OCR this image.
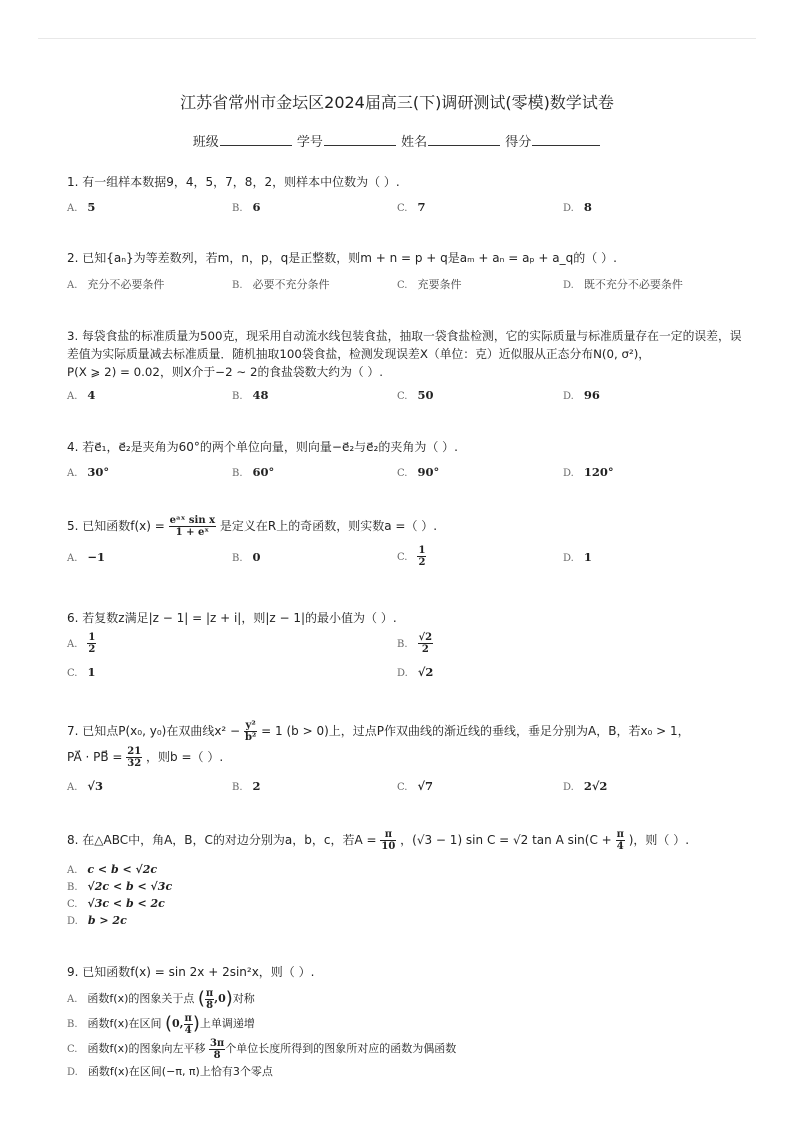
江苏省常州市金坛区2024届高三(下)调研测试(零模)数学试卷
班级	学号	姓名	得分
1. 有一组样本数据9，4，5，7，8，2，则样本中位数为（ ）.
A. 5	B. 6	C. 7	D. 8
2. 已知{aₙ}为等差数列，若m，n，p，q是正整数，则m + n = p + q是aₘ + aₙ = aₚ + a_q的（ ）.
A. 充分不必要条件	B. 必要不充分条件	C. 充要条件	D. 既不充分不必要条件
3. 每袋食盐的标准质量为500克，现采用自动流水线包装食盐，抽取一袋食盐检测，它的实际质量与标准质量存在一定的误差，误
差值为实际质量减去标准质量．随机抽取100袋食盐，检测发现误差X（单位：克）近似服从正态分布N(0, σ²)，
P(X ⩾ 2) = 0.02，则X介于−2 ∼ 2的食盐袋数大约为（ ）.
A. 4	B. 48	C. 50	D. 96
4. 若e⃗₁，e⃗₂是夹角为60°的两个单位向量，则向量−e⃗₂与e⃗₂的夹角为（ ）.
A. 30°	B. 60°	C. 90°	D. 120°
5. 已知函数$f(x) = \frac{\text{eᵃˣ sin x}}{\text{1 + eˣ}}$ 是定义在R上的奇函数，则实数a =（ ）.
A. −1	B. 0	C. $\frac{1}{2}$	D. 1
6. 若复数z满足|z − 1| = |z + i|，则|z − 1|的最小值为（ ）.
A. $\frac{1}{2}$	B. $\frac{√2}{2}$
C. 1	D. √2
7. 已知点P(x₀, y₀)在双曲线$x^2 - \frac{\text{y²}}{\text{b²}} = 1$ (b > 0)上，过点P作双曲线的渐近线的垂线，垂足分别为A，B，若x₀ > 1，
PA⃗ · PB⃗ = $\frac{21}{32}$ ，则b =（ ）.
A. √3	B. 2	C. √7	D. 2√2
8. 在△ABC中，角A，B，C的对边分别为a，b，c，若$A = \frac{\pi}{10}$ ，(√3 − 1) sin C = √2 tan A $\sin(C + \frac{\pi}{4}$ )，则（ ）.
A. c < b < √2c
B. √2c < b < √3c
C. √3c < b < 2c
D. b > 2c
9. 已知函数f(x) = sin 2x + 2sin²x，则（ ）.
A. 函数f(x)的图象关于点 ( $\frac{\pi}{8} ,0$)对称
B. 函数f(x)在区间 (0, $\frac{\pi}{4}$ )上单调递增
C. 函数f(x)的图象向左平移 $\frac{3\pi}{8}$ 个单位长度所得到的图象所对应的函数为偶函数
D. 函数f(x)在区间(−π, π)上恰有3个零点
